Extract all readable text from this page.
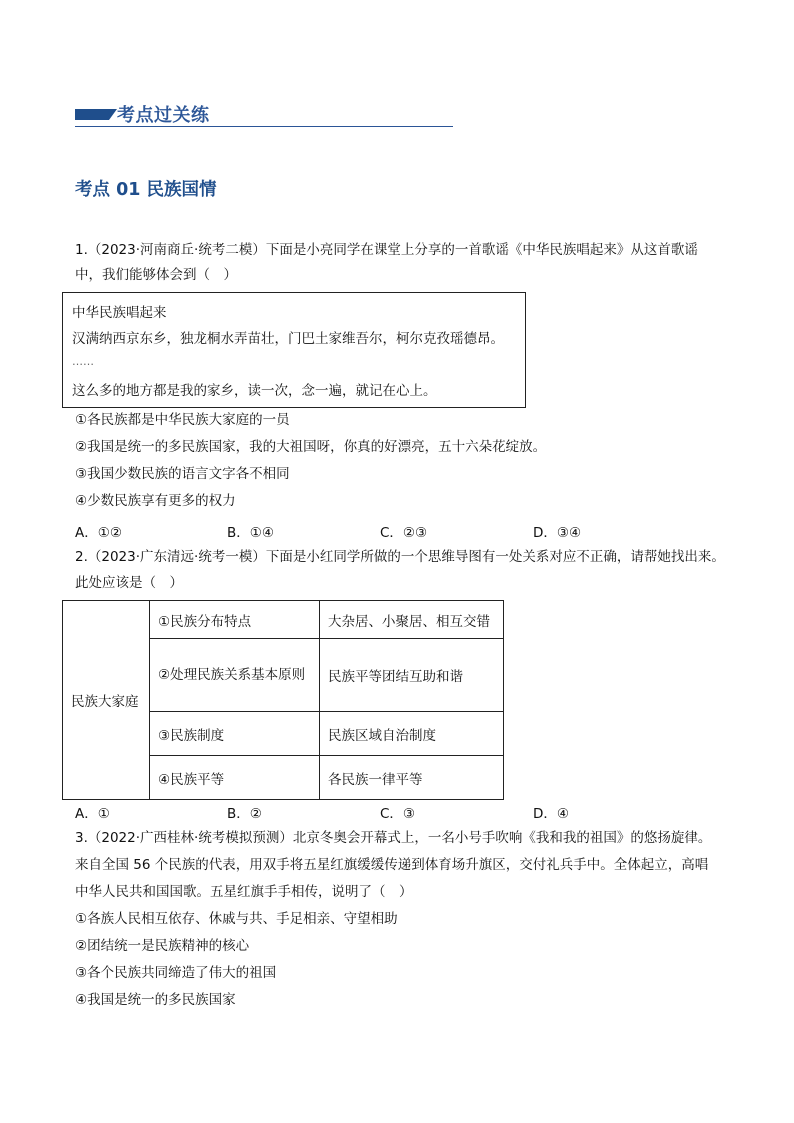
考点过关练
考点 01 民族国情
1.（2023·河南商丘·统考二模）下面是小亮同学在课堂上分享的一首歌谣《中华民族唱起来》从这首歌谣
中，我们能够体会到（　）
中华民族唱起来
汉满纳西京东乡，独龙桐水弄苗壮，门巴土家维吾尔，柯尔克孜瑶德昂。
……
这么多的地方都是我的家乡，读一次，念一遍，就记在心上。
①各民族都是中华民族大家庭的一员
②我国是统一的多民族国家，我的大祖国呀，你真的好漂亮，五十六朵花绽放。
③我国少数民族的语言文字各不相同
④少数民族享有更多的权力
A．①②	B．①④	C．②③	D．③④
2.（2023·广东清远·统考一模）下面是小红同学所做的一个思维导图有一处关系对应不正确，请帮她找出来。
此处应该是（　）
民族大家庭	①民族分布特点	大杂居、小聚居、相互交错
	②处理民族关系基本原则	民族平等团结互助和谐
	③民族制度	民族区域自治制度
	④民族平等	各民族一律平等
A．①	B．②	C．③	D．④
3.（2022·广西桂林·统考模拟预测）北京冬奥会开幕式上，一名小号手吹响《我和我的祖国》的悠扬旋律。
来自全国 56 个民族的代表，用双手将五星红旗缓缓传递到体育场升旗区，交付礼兵手中。全体起立，高唱
中华人民共和国国歌。五星红旗手手相传，说明了（　）
①各族人民相互依存、休戚与共、手足相亲、守望相助
②团结统一是民族精神的核心
③各个民族共同缔造了伟大的祖国
④我国是统一的多民族国家
